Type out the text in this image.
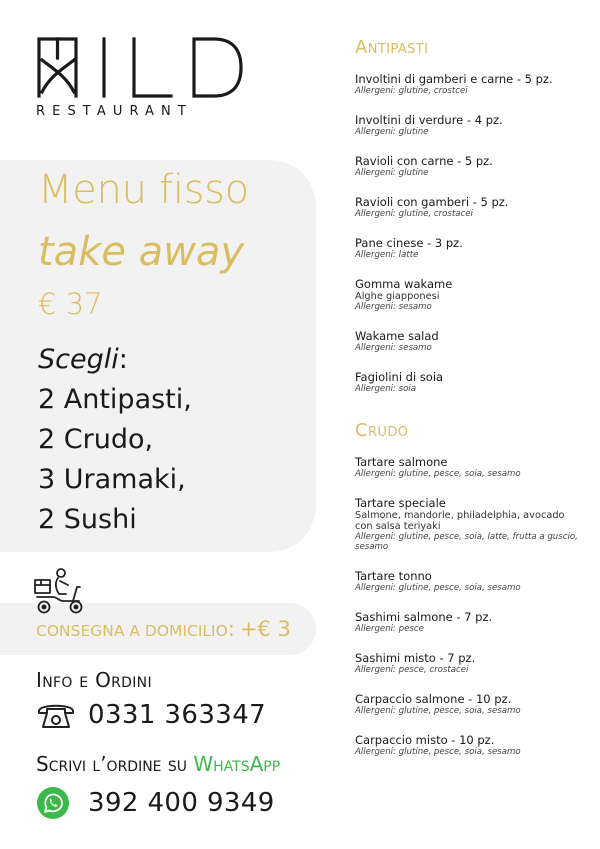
RESTAURANT
Menu fisso
take away
€ 37
Scegli:
2 Antipasti,
2 Crudo,
3 Uramaki,
2 Sushi
CONSEGNA A DOMICILIO: +€ 3
Info e Ordini
0331 363347
Scrivi l’ordine su WhatsApp
392 400 9349
Antipasti
Involtini di gamberi e carne - 5 pz.
Allergeni: glutine, crostcei
Involtini di verdure - 4 pz.
Allergeni: glutine
Ravioli con carne - 5 pz.
Allergeni: glutine
Ravioli con gamberi - 5 pz.
Allergeni: glutine, crostacei
Pane cinese - 3 pz.
Allergeni: latte
Gomma wakame
Alghe giapponesi
Allergeni: sesamo
Wakame salad
Allergeni: sesamo
Fagiolini di soia
Allergeni: soia
Crudo
Tartare salmone
Allergeni: glutine, pesce, soia, sesamo
Tartare speciale
Salmone, mandorle, philadelphia, avocado con salsa teriyaki
Allergeni: glutine, pesce, soia, latte, frutta a guscio, sesamo
Tartare tonno
Allergeni: glutine, pesce, soia, sesamo
Sashimi salmone - 7 pz.
Allergeni: pesce
Sashimi misto - 7 pz.
Allergeni: pesce, crostacei
Carpaccio salmone - 10 pz.
Allergeni: glutine, pesce, soia, sesamo
Carpaccio misto - 10 pz.
Allergeni: glutine, pesce, soia, sesamo
